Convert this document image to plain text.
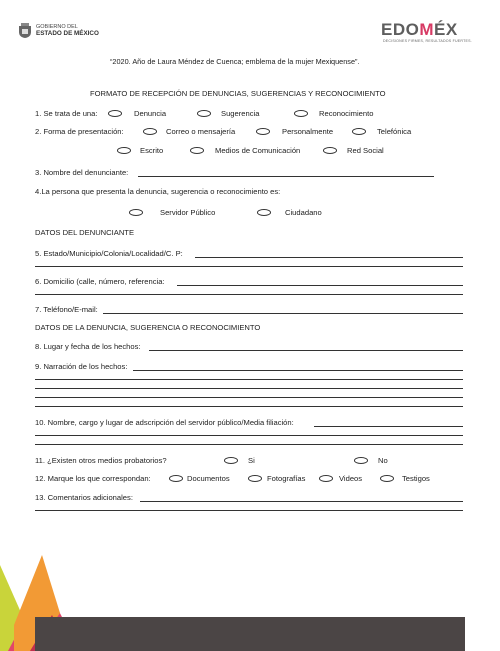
GOBIERNO DEL
ESTADO DE MÉXICO	EDOMÉX
DECISIONES FIRMES, RESULTADOS FUERTES.
“2020. Año de Laura Méndez de Cuenca; emblema de la mujer Mexiquense”.
FORMATO DE RECEPCIÓN DE DENUNCIAS, SUGERENCIAS Y RECONOCIMIENTO
1. Se trata de una:	Denuncia	Sugerencia	Reconocimiento
2. Forma de presentación:	Correo o mensajería	Personalmente	Telefónica
Escrito	Medios de Comunicación	Red Social
3. Nombre del denunciante:
4.La persona que presenta la denuncia, sugerencia o reconocimiento es:
Servidor Público	Ciudadano
DATOS DEL DENUNCIANTE
5. Estado/Municipio/Colonia/Localidad/C. P:
6. Domicilio (calle, número, referencia:
7. Teléfono/E-mail:
DATOS DE LA DENUNCIA, SUGERENCIA O RECONOCIMIENTO
8. Lugar y fecha de los hechos:
9. Narración de los hechos:
10. Nombre, cargo y lugar de adscripción del servidor público/Media filiación:
11. ¿Existen otros medios probatorios?	Si	No
12. Marque los que correspondan:	Documentos	Fotografías	Videos	Testigos
13. Comentarios adicionales:
